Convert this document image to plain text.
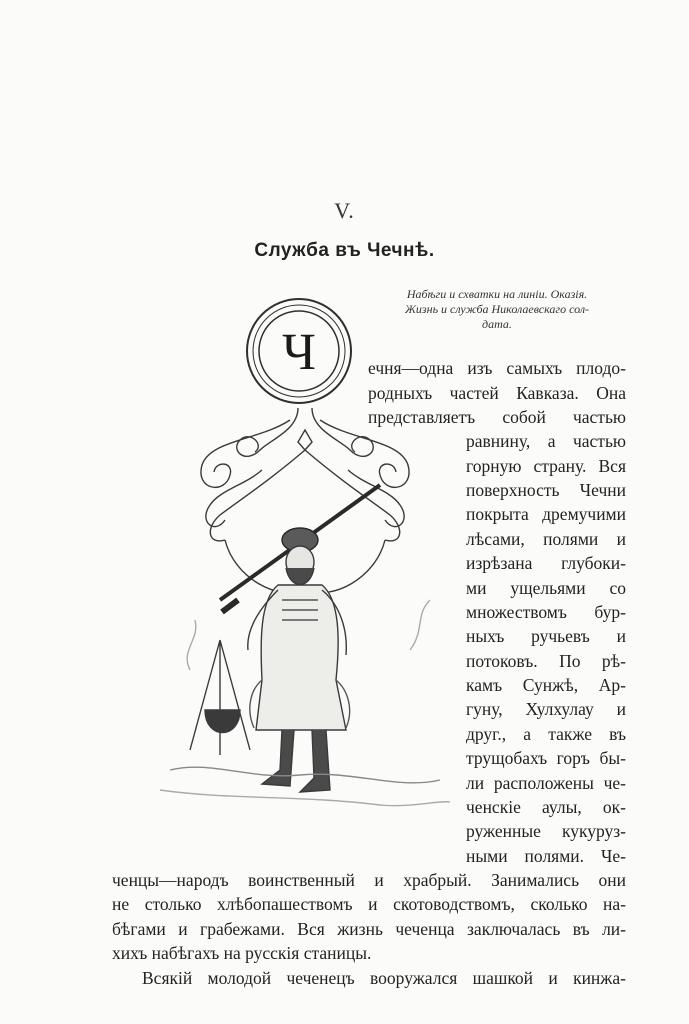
V.
Служба въ Чечнѣ.
Набѣги и схватки на линіи. Оказія.
Жизнь и служба Николаевскаго сол-
дата.
Ч	ечня—одна изъ самыхъ плодо-
родныхъ частей Кавказа. Она
представляетъ собой частью
равнину, а частью
горную страну. Вся
поверхность Чечни
покрыта дремучими
лѣсами, полями и
изрѣзана глубоки-
ми ущельями со
множествомъ бур-
ныхъ ручьевъ и
потоковъ. По рѣ-
камъ Сунжѣ, Ар-
гуну, Хулхулау и
друг., а также въ
трущобахъ горъ бы-
ли расположены че-
ченскіе аулы, ок-
руженные кукуруз-
ными полями. Че-
ченцы—народъ воинственный и храбрый. Занимались они
не столько хлѣбопашествомъ и скотоводствомъ, сколько на-
бѣгами и грабежами. Вся жизнь чеченца заключалась въ ли-
хихъ набѣгахъ на русскія станицы.
Всякій молодой чеченецъ вооружался шашкой и кинжа-
